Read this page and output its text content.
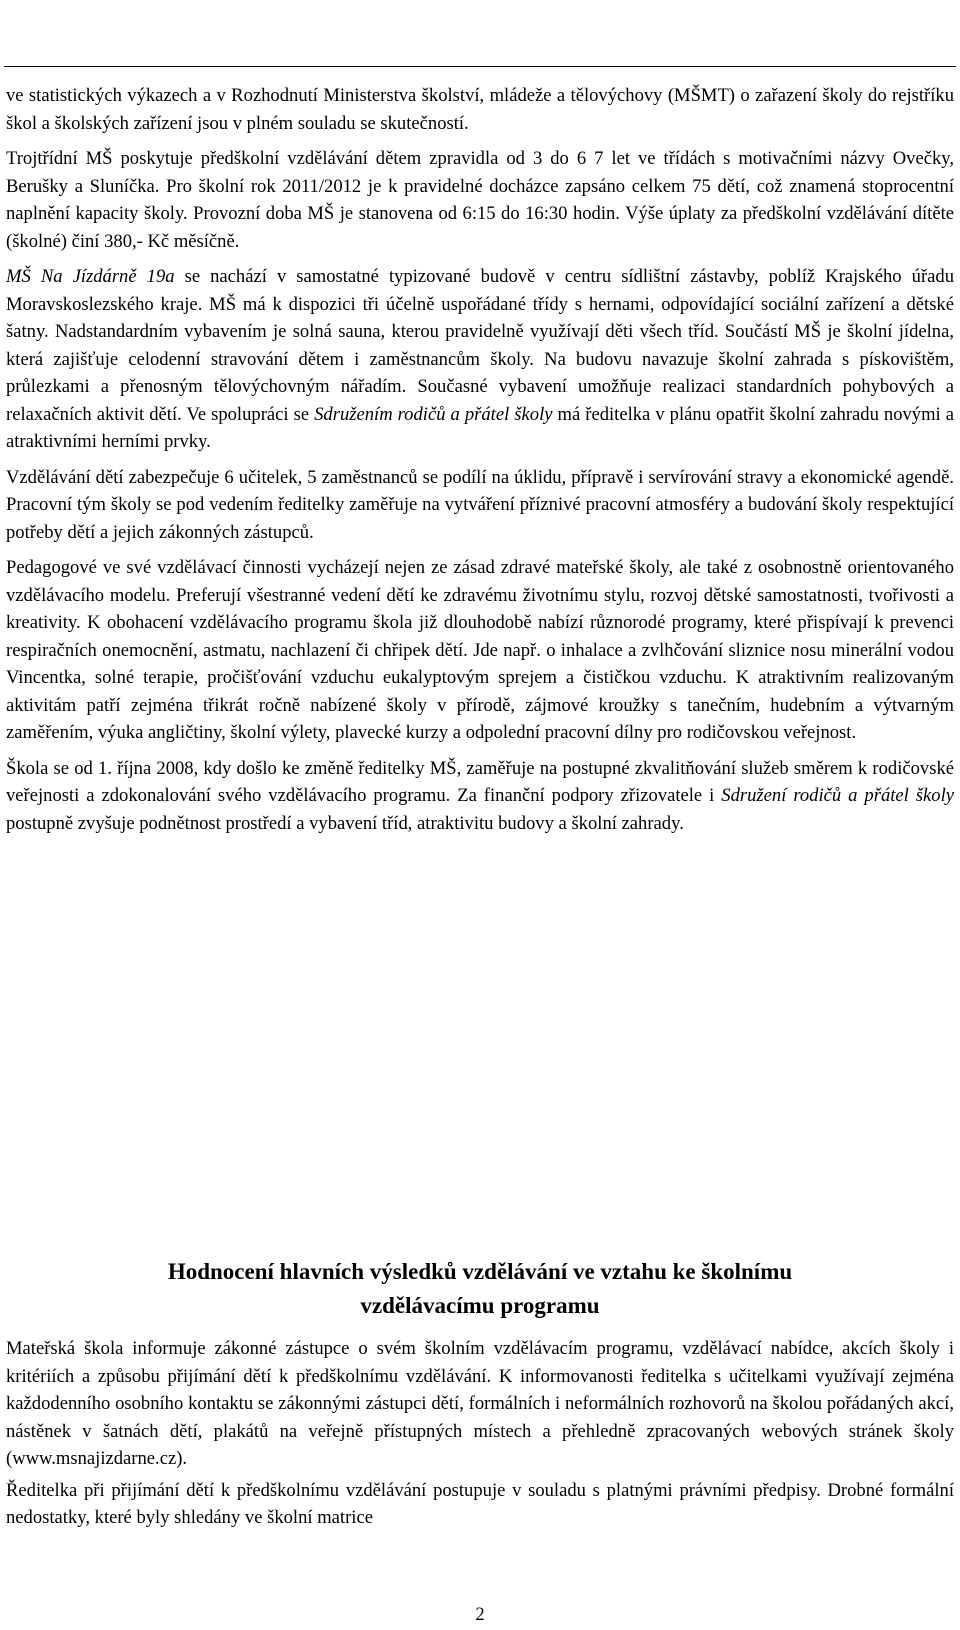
Moravskoslezský inspektorát České školní inspekce	Inspekční zpráva
Čj.: ČŠIT-2209/11-T

ve statistických výkazech a v Rozhodnutí Ministerstva školství, mládeže a tělovýchovy (MŠMT) o zařazení školy do rejstříku škol a školských zařízení jsou v plném souladu se skutečností.

Trojtřídní MŠ poskytuje předškolní vzdělávání dětem zpravidla od 3 do 6 7 let ve třídách s motivačními názvy Ovečky, Berušky a Sluníčka. Pro školní rok 2011/2012 je k pravidelné docházce zapsáno celkem 75 dětí, což znamená stoprocentní naplnění kapacity školy. Provozní doba MŠ je stanovena od 6:15 do 16:30 hodin. Výše úplaty za předškolní vzdělávání dítěte (školné) činí 380,- Kč měsíčně.

MŠ Na Jízdárně 19a se nachází v samostatné typizované budově v centru sídlištní zástavby, poblíž Krajského úřadu Moravskoslezského kraje. MŠ má k dispozici tři účelně uspořádané třídy s hernami, odpovídající sociální zařízení a dětské šatny. Nadstandardním vybavením je solná sauna, kterou pravidelně využívají děti všech tříd. Součástí MŠ je školní jídelna, která zajišťuje celodenní stravování dětem i zaměstnancům školy. Na budovu navazuje školní zahrada s pískovištěm, průlezkami a přenosným tělovýchovným nářadím. Současné vybavení umožňuje realizaci standardních pohybových a relaxačních aktivit dětí. Ve spolupráci se Sdružením rodičů a přátel školy má ředitelka v plánu opatřit školní zahradu novými a atraktivními herními prvky.

Vzdělávání dětí zabezpečuje 6 učitelek, 5 zaměstnanců se podílí na úklidu, přípravě i servírování stravy a ekonomické agendě. Pracovní tým školy se pod vedením ředitelky zaměřuje na vytváření příznivé pracovní atmosféry a budování školy respektující potřeby dětí a jejich zákonných zástupců.

Pedagogové ve své vzdělávací činnosti vycházejí nejen ze zásad zdravé mateřské školy, ale také z osobnostně orientovaného vzdělávacího modelu. Preferují všestranné vedení dětí ke zdravému životnímu stylu, rozvoj dětské samostatnosti, tvořivosti a kreativity. K obohacení vzdělávacího programu škola již dlouhodobě nabízí různorodé programy, které přispívají k prevenci respiračních onemocnění, astmatu, nachlazení či chřipek dětí. Jde např. o inhalace a zvlhčování sliznice nosu minerální vodou Vincentka, solné terapie, pročišťování vzduchu eukalyptovým sprejem a čističkou vzduchu. K atraktivním realizovaným aktivitám patří zejména třikrát ročně nabízené školy v přírodě, zájmové kroužky s tanečním, hudebním a výtvarným zaměřením, výuka angličtiny, školní výlety, plavecké kurzy a odpolední pracovní dílny pro rodičovskou veřejnost.

Škola se od 1. října 2008, kdy došlo ke změně ředitelky MŠ, zaměřuje na postupné zkvalitňování služeb směrem k rodičovské veřejnosti a zdokonalování svého vzdělávacího programu. Za finanční podpory zřizovatele i Sdružení rodičů a přátel školy postupně zvyšuje podnětnost prostředí a vybavení tříd, atraktivitu budovy a školní zahrady.

Hodnocení hlavních výsledků vzdělávání ve vztahu ke školnímu
vzdělávacímu programu

Mateřská škola informuje zákonné zástupce o svém školním vzdělávacím programu, vzdělávací nabídce, akcích školy i kritériích a způsobu přijímání dětí k předškolnímu vzdělávání. K informovanosti ředitelka s učitelkami využívají zejména každodenního osobního kontaktu se zákonnými zástupci dětí, formálních i neformálních rozhovorů na školou pořádaných akcí, nástěnek v šatnách dětí, plakátů na veřejně přístupných místech a přehledně zpracovaných webových stránek školy (www.msnajizdarne.cz).

Ředitelka při přijímání dětí k předškolnímu vzdělávání postupuje v souladu s platnými právními předpisy. Drobné formální nedostatky, které byly shledány ve školní matrice

2
